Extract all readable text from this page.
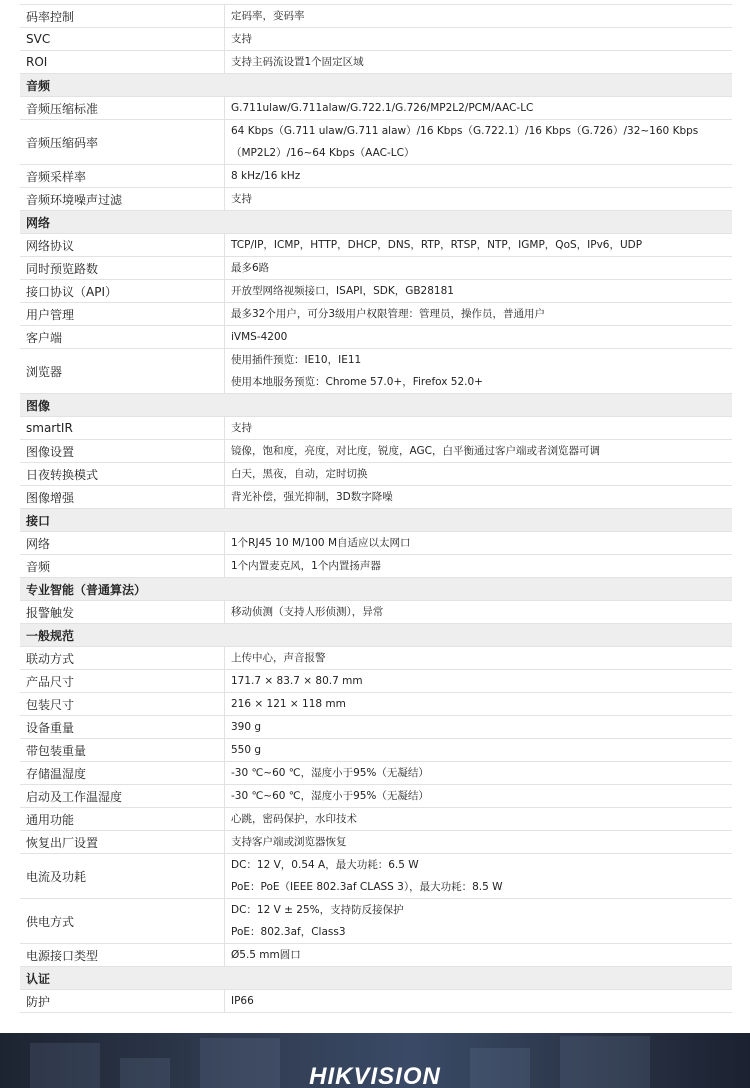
码率控制	定码率，变码率

SVC	支持

ROI	支持主码流设置1个固定区域

音频	
音频压缩标准	G.711ulaw/G.711alaw/G.722.1/G.726/MP2L2/PCM/AAC-LC

音频压缩码率	64 Kbps（G.711 ulaw/G.711 alaw）/16 Kbps（G.722.1）/16 Kbps（G.726）/32~160 Kbps
（MP2L2）/16~64 Kbps（AAC-LC）

音频采样率	8 kHz/16 kHz

音频环境噪声过滤	支持

网络	
网络协议	TCP/IP，ICMP，HTTP，DHCP，DNS，RTP，RTSP，NTP，IGMP，QoS，IPv6，UDP

同时预览路数	最多6路

接口协议（API）	开放型网络视频接口，ISAPI，SDK，GB28181

用户管理	最多32个用户，可分3级用户权限管理：管理员，操作员，普通用户

客户端	iVMS-4200

浏览器	使用插件预览：IE10，IE11
使用本地服务预览：Chrome 57.0+，Firefox 52.0+

图像	
smartIR	支持

图像设置	镜像，饱和度，亮度，对比度，锐度，AGC，白平衡通过客户端或者浏览器可调

日夜转换模式	白天，黑夜，自动，定时切换

图像增强	背光补偿，强光抑制，3D数字降噪

接口	
网络	1个RJ45 10 M/100 M自适应以太网口

音频	1个内置麦克风，1个内置扬声器

专业智能（普通算法）	
报警触发	移动侦测（支持人形侦测），异常

一般规范	
联动方式	上传中心，声音报警

产品尺寸	171.7 × 83.7 × 80.7 mm

包装尺寸	216 × 121 × 118 mm

设备重量	390 g

带包装重量	550 g

存储温湿度	-30 ℃~60 ℃，湿度小于95%（无凝结）

启动及工作温湿度	-30 ℃~60 ℃，湿度小于95%（无凝结）

通用功能	心跳，密码保护，水印技术

恢复出厂设置	支持客户端或浏览器恢复

电流及功耗	DC：12 V，0.54 A，最大功耗：6.5 W
PoE：PoE（IEEE 802.3af CLASS 3），最大功耗：8.5 W

供电方式	DC：12 V ± 25%，支持防反接保护
PoE：802.3af，Class3

电源接口类型	Ø5.5 mm圆口

认证	
防护	IP66
HIKVISION
